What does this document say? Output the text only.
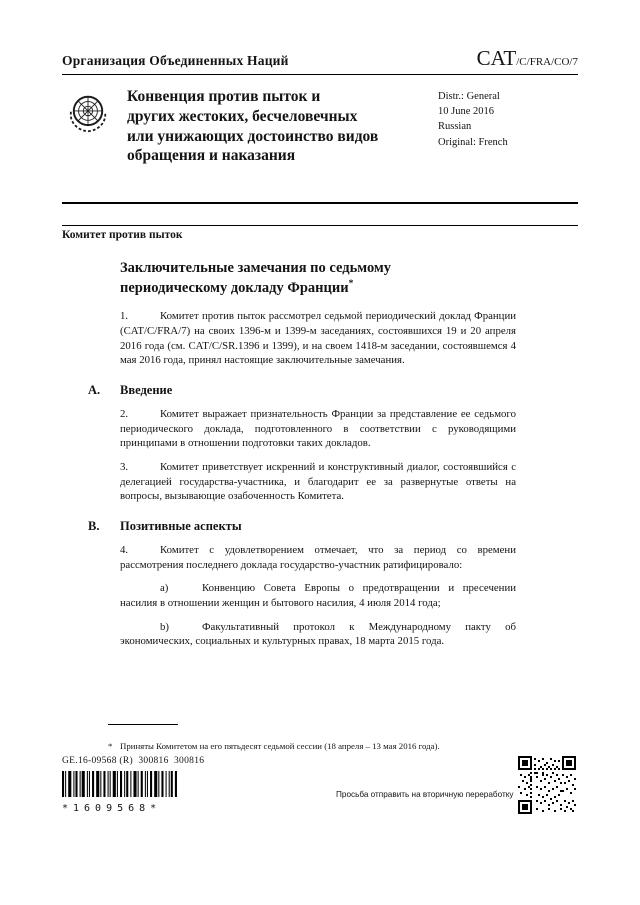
Организация Объединенных Наций	CAT/C/FRA/CO/7
Конвенция против пыток и
других жестоких, бесчеловечных
или унижающих достоинство видов
обращения и наказания
Distr.: General
10 June 2016
Russian
Original: French

Комитет против пыток

Заключительные замечания по седьмому
периодическому докладу Франции*

1.	Комитет против пыток рассмотрел седьмой периодический доклад Франции (CAT/C/FRA/7) на своих 1396-м и 1399-м заседаниях, состоявшихся 19 и 20 апреля 2016 года (см. CAT/C/SR.1396 и 1399), и на своем 1418-м заседании, состоявшемся 4 мая 2016 года, принял настоящие заключительные замечания.

A. Введение

2.	Комитет выражает признательность Франции за представление ее седьмого периодического доклада, подготовленного в соответствии с руководящими принципами в отношении подготовки таких докладов.

3.	Комитет приветствует искренний и конструктивный диалог, состоявшийся с делегацией государства-участника, и благодарит ее за развернутые ответы на вопросы, вызывающие озабоченность Комитета.

B. Позитивные аспекты

4.	Комитет с удовлетворением отмечает, что за период со времени рассмотрения последнего доклада государство-участник ратифицировало:

а)	Конвенцию Совета Европы о предотвращении и пресечении насилия в отношении женщин и бытового насилия, 4 июля 2014 года;

b)	Факультативный протокол к Международному пакту об экономических, социальных и культурных правах, 18 марта 2015 года.

* Приняты Комитетом на его пятьдесят седьмой сессии (18 апреля – 13 мая 2016 года).

GE.16-09568 (R)  300816  300816
*1609568*
Просьба отправить на вторичную переработку
